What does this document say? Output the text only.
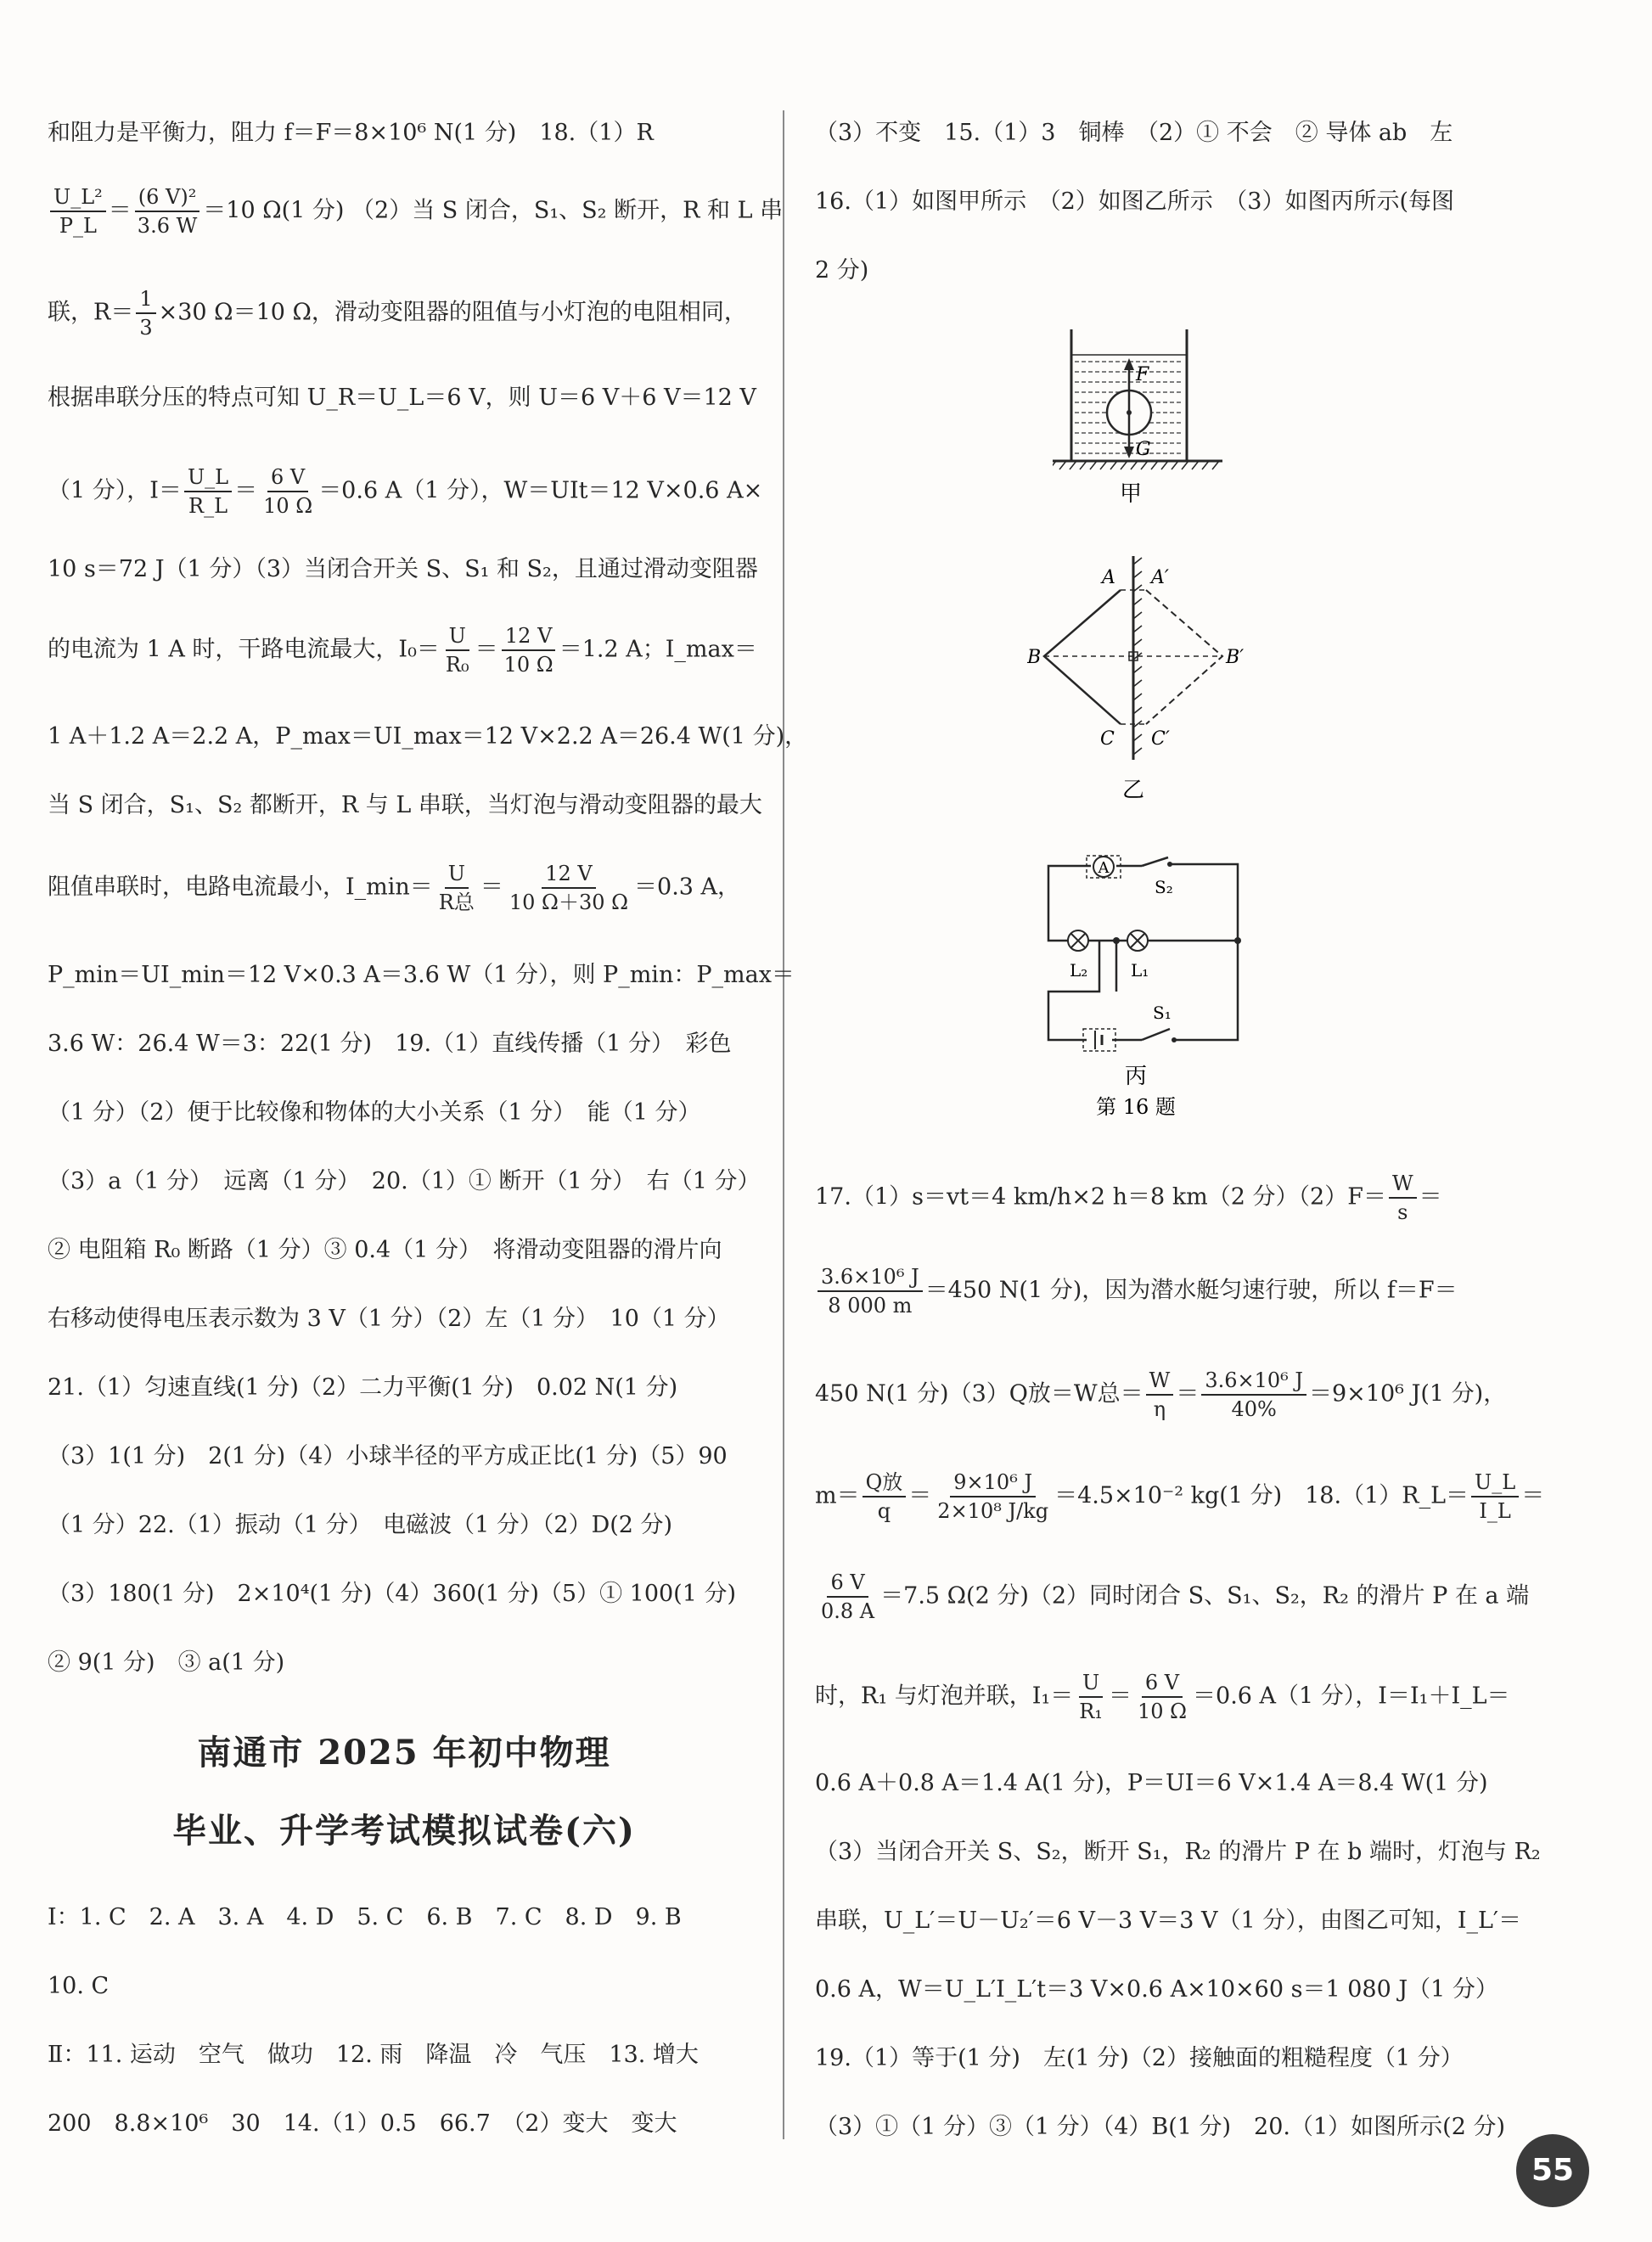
和阻力是平衡力，阻力 f＝F＝8×10⁶ N(1 分)　18.（1）R
$\frac{\text{U\_L²}}{P\_L} = \frac{\text{(6 V)²}}{3.6 W} =10$ Ω(1 分) （2）当 S 闭合，S₁、S₂ 断开，R 和 L 串
联，$R= \frac{1}{3} \times 30$ Ω＝10 Ω，滑动变阻器的阻值与小灯泡的电阻相同，
根据串联分压的特点可知 U_R＝U_L＝6 V，则 U＝6 V＋6 V＝12 V
（1 分），$I= \frac{U\_L}{R\_L} = \frac{6 V}{10 \Omega} =0.6$ A（1 分），W＝UIt＝12 V×0.6 A×
10 s＝72 J（1 分）（3）当闭合开关 S、S₁ 和 S₂，且通过滑动变阻器
的电流为 1 A 时，干路电流最大，$I_0= \frac{U}{\text{R₀}} = \frac{12 V}{10 \Omega} =1.2$ A；I_max＝
1 A＋1.2 A＝2.2 A，P_max＝UI_max＝12 V×2.2 A＝26.4 W(1 分)，
当 S 闭合，S₁、S₂ 都断开，R 与 L 串联，当灯泡与滑动变阻器的最大
阻值串联时，电路电流最小，I_min＝ $\frac{U}{\text{R总}} = \frac{12 V}{10 \Omega+30 \Omega} =0.3$ A，
P_min＝UI_min＝12 V×0.3 A＝3.6 W（1 分），则 P_min：P_max＝
3.6 W：26.4 W＝3：22(1 分)　19.（1）直线传播（1 分）　彩色
（1 分）（2）便于比较像和物体的大小关系（1 分）　能（1 分）
（3）a（1 分）　远离（1 分）　20.（1）① 断开（1 分）　右（1 分）
② 电阻箱 R₀ 断路（1 分）③ 0.4（1 分）　将滑动变阻器的滑片向
右移动使得电压表示数为 3 V（1 分）（2）左（1 分）　10（1 分）
21.（1）匀速直线(1 分)（2）二力平衡(1 分)　0.02 N(1 分)
（3）1(1 分)　2(1 分)（4）小球半径的平方成正比(1 分)（5）90
（1 分）22.（1）振动（1 分）　电磁波（1 分）（2）D(2 分)
（3）180(1 分)　2×10⁴(1 分)（4）360(1 分)（5）① 100(1 分)
② 9(1 分)　③ a(1 分)
南通市 2025 年初中物理
毕业、升学考试模拟试卷(六)
Ⅰ：1. C　2. A　3. A　4. D　5. C　6. B　7. C　8. D　9. B
10. C
Ⅱ：11. 运动　空气　做功　12. 雨　降温　冷　气压　13. 增大
200　8.8×10⁶　30　14.（1）0.5　66.7　（2）变大　变大
（3）不变　15.（1）3　铜棒　（2）① 不会　② 导体 ab　左
16.（1）如图甲所示　（2）如图乙所示　（3）如图丙所示(每图
2 分)
F
G
甲
A A′
B	B′
C C′
乙
A
S₂
L₂	L₁
S₁
丙
第 16 题
17.（1）s＝vt＝4 km/h×2 h＝8 km（2 分）$(2)F= \frac{W}{s}$ ＝
$\frac{\text{3.6×10⁶ J}}{8 000 m} =450$ N(1 分)，因为潜水艇匀速行驶，所以 f＝F＝
450 N(1 分)（3）Q放＝W总＝ $\frac{W}{\eta} = \frac{\text{3.6×10⁶ J}}{40\%} =9\times 10^6$ J(1 分)，
$m= \frac{\text{Q放}}{q} = \frac{\text{9×10⁶ J}}{\text{2×10⁸ J/kg}} =4.5\times 10^{-2}$ kg(1 分)　18.（1）R_L＝ $\frac{U\_L}{I\_L}$ ＝
$\frac{6 V}{0.8 A} =7.5$ Ω(2 分)（2）同时闭合 S、S₁、S₂，R₂ 的滑片 P 在 a 端
时，R₁ 与灯泡并联，$I_1= \frac{U}{\text{R₁}} = \frac{6 V}{10 \Omega} =0.6$ A（1 分），I＝I₁＋I_L＝
0.6 A＋0.8 A＝1.4 A(1 分)，P＝UI＝6 V×1.4 A＝8.4 W(1 分)
（3）当闭合开关 S、S₂，断开 S₁，R₂ 的滑片 P 在 b 端时，灯泡与 R₂
串联，U_L′＝U－U₂′＝6 V－3 V＝3 V（1 分），由图乙可知，I_L′＝
0.6 A，W＝U_L′I_L′t＝3 V×0.6 A×10×60 s＝1 080 J（1 分）
19.（1）等于(1 分)　左(1 分)（2）接触面的粗糙程度（1 分）
（3）①（1 分）③（1 分）（4）B(1 分)　20.（1）如图所示(2 分)
55
